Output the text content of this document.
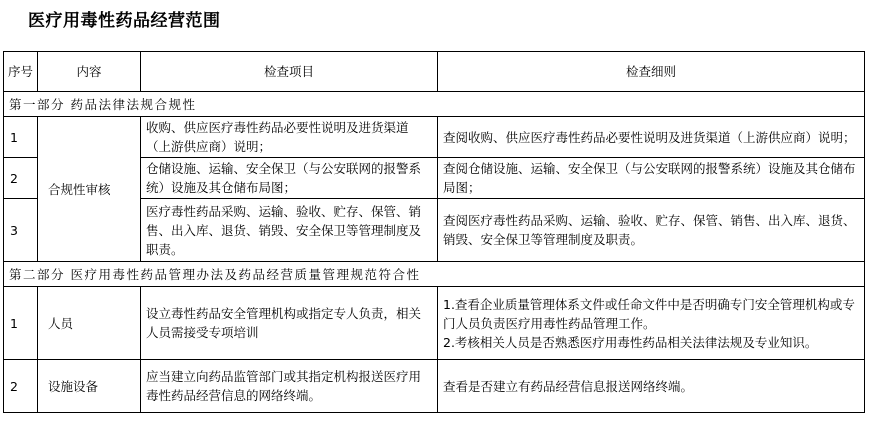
医疗用毒性药品经营范围
序号	内容	检查项目	检查细则
第一部分 药品法律法规合规性			
1	合规性审核	收购、供应医疗毒性药品必要性说明及进货渠道（上游供应商）说明；	查阅收购、供应医疗毒性药品必要性说明及进货渠道（上游供应商）说明；
2		仓储设施、运输、安全保卫（与公安联网的报警系统）设施及其仓储布局图；	查阅仓储设施、运输、安全保卫（与公安联网的报警系统）设施及其仓储布局图；
3		医疗毒性药品采购、运输、验收、贮存、保管、销售、出入库、退货、销毁、安全保卫等管理制度及职责。	查阅医疗毒性药品采购、运输、验收、贮存、保管、销售、出入库、退货、销毁、安全保卫等管理制度及职责。
第二部分 医疗用毒性药品管理办法及药品经营质量管理规范符合性			
1	人员	设立毒性药品安全管理机构或指定专人负责，相关人员需接受专项培训	1.查看企业质量管理体系文件或任命文件中是否明确专门安全管理机构或专门人员负责医疗用毒性药品管理工作。
2.考核相关人员是否熟悉医疗用毒性药品相关法律法规及专业知识。

2	设施设备	应当建立向药品监管部门或其指定机构报送医疗用毒性药品经营信息的网络终端。	查看是否建立有药品经营信息报送网络终端。
